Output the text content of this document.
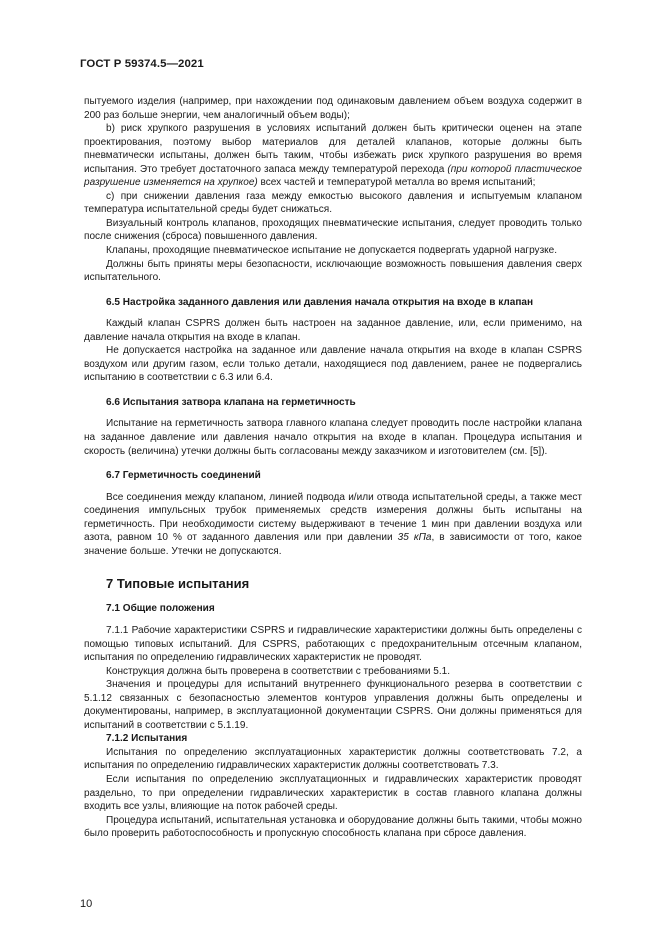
ГОСТ Р 59374.5—2021

пытуемого изделия (например, при нахождении под одинаковым давлением объем воздуха содержит в 200 раз больше энергии, чем аналогичный объем воды);

b) риск хрупкого разрушения в условиях испытаний должен быть критически оценен на этапе проектирования, поэтому выбор материалов для деталей клапанов, которые должны быть пневматически испытаны, должен быть таким, чтобы избежать риск хрупкого разрушения во время испытания. Это требует достаточного запаса между температурой перехода (при которой пластическое разрушение изменяется на хрупкое) всех частей и температурой металла во время испытаний;

с) при снижении давления газа между емкостью высокого давления и испытуемым клапаном температура испытательной среды будет снижаться.

Визуальный контроль клапанов, проходящих пневматические испытания, следует проводить только после снижения (сброса) повышенного давления.

Клапаны, проходящие пневматическое испытание не допускается подвергать ударной нагрузке.

Должны быть приняты меры безопасности, исключающие возможность повышения давления сверх испытательного.

6.5 Настройка заданного давления или давления начала открытия на входе в клапан

Каждый клапан CSPRS должен быть настроен на заданное давление, или, если применимо, на давление начала открытия на входе в клапан.

Не допускается настройка на заданное или давление начала открытия на входе в клапан CSPRS воздухом или другим газом, если только детали, находящиеся под давлением, ранее не подвергались испытанию в соответствии с 6.3 или 6.4.

6.6 Испытания затвора клапана на герметичность

Испытание на герметичность затвора главного клапана следует проводить после настройки клапана на заданное давление или давления начало открытия на входе в клапан. Процедура испытания и скорость (величина) утечки должны быть согласованы между заказчиком и изготовителем (см. [5]).

6.7 Герметичность соединений

Все соединения между клапаном, линией подвода и/или отвода испытательной среды, а также мест соединения импульсных трубок применяемых средств измерения должны быть испытаны на герметичность. При необходимости систему выдерживают в течение 1 мин при давлении воздуха или азота, равном 10 % от заданного давления или при давлении 35 кПа, в зависимости от того, какое значение больше. Утечки не допускаются.

7 Типовые испытания
7.1 Общие положения

7.1.1 Рабочие характеристики CSPRS и гидравлические характеристики должны быть определены с помощью типовых испытаний. Для CSPRS, работающих с предохранительным отсечным клапаном, испытания по определению гидравлических характеристик не проводят.

Конструкция должна быть проверена в соответствии с требованиями 5.1.

Значения и процедуры для испытаний внутреннего функционального резерва в соответствии с 5.1.12 связанных с безопасностью элементов контуров управления должны быть определены и документированы, например, в эксплуатационной документации CSPRS. Они должны применяться для испытаний в соответствии с 5.1.19.

7.1.2 Испытания

Испытания по определению эксплуатационных характеристик должны соответствовать 7.2, а испытания по определению гидравлических характеристик должны соответствовать 7.3.

Если испытания по определению эксплуатационных и гидравлических характеристик проводят раздельно, то при определении гидравлических характеристик в состав главного клапана должны входить все узлы, влияющие на поток рабочей среды.

Процедура испытаний, испытательная установка и оборудование должны быть такими, чтобы можно было проверить работоспособность и пропускную способность клапана при сбросе давления.

10
